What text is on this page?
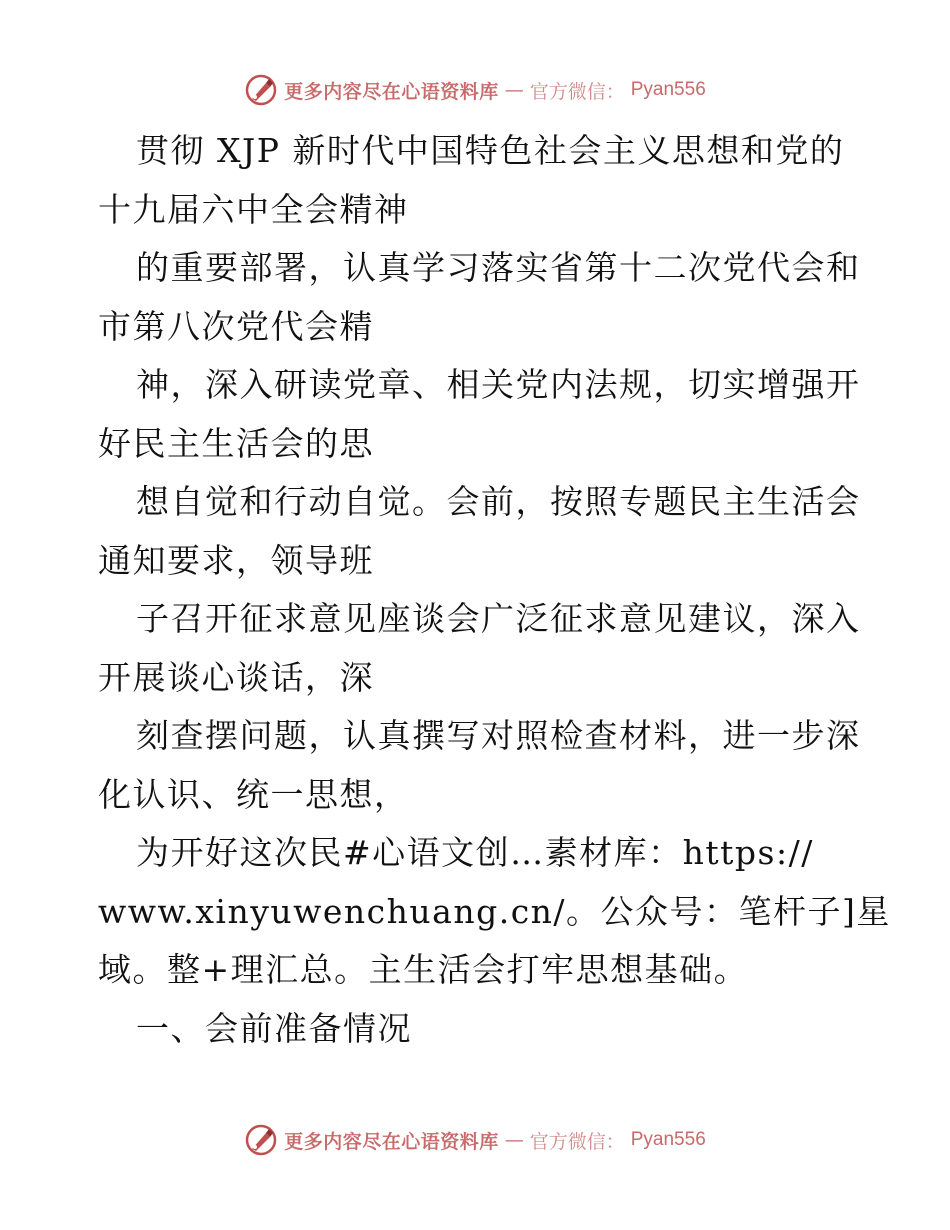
更多内容尽在心语资料库 — 官方微信： Pyan556
贯彻 XJP 新时代中国特色社会主义思想和党的
十九届六中全会精神
的重要部署，认真学习落实省第十二次党代会和
市第八次党代会精
神，深入研读党章、相关党内法规，切实增强开
好民主生活会的思
想自觉和行动自觉。会前，按照专题民主生活会
通知要求，领导班
子召开征求意见座谈会广泛征求意见建议，深入
开展谈心谈话，深
刻查摆问题，认真撰写对照检查材料，进一步深
化认识、统一思想，
为开好这次民#心语文创…素材库：https://
www.xinyuwenchuang.cn/。公众号：笔杆子]星
域。整+理汇总。主生活会打牢思想基础。
一、会前准备情况
更多内容尽在心语资料库 — 官方微信： Pyan556
